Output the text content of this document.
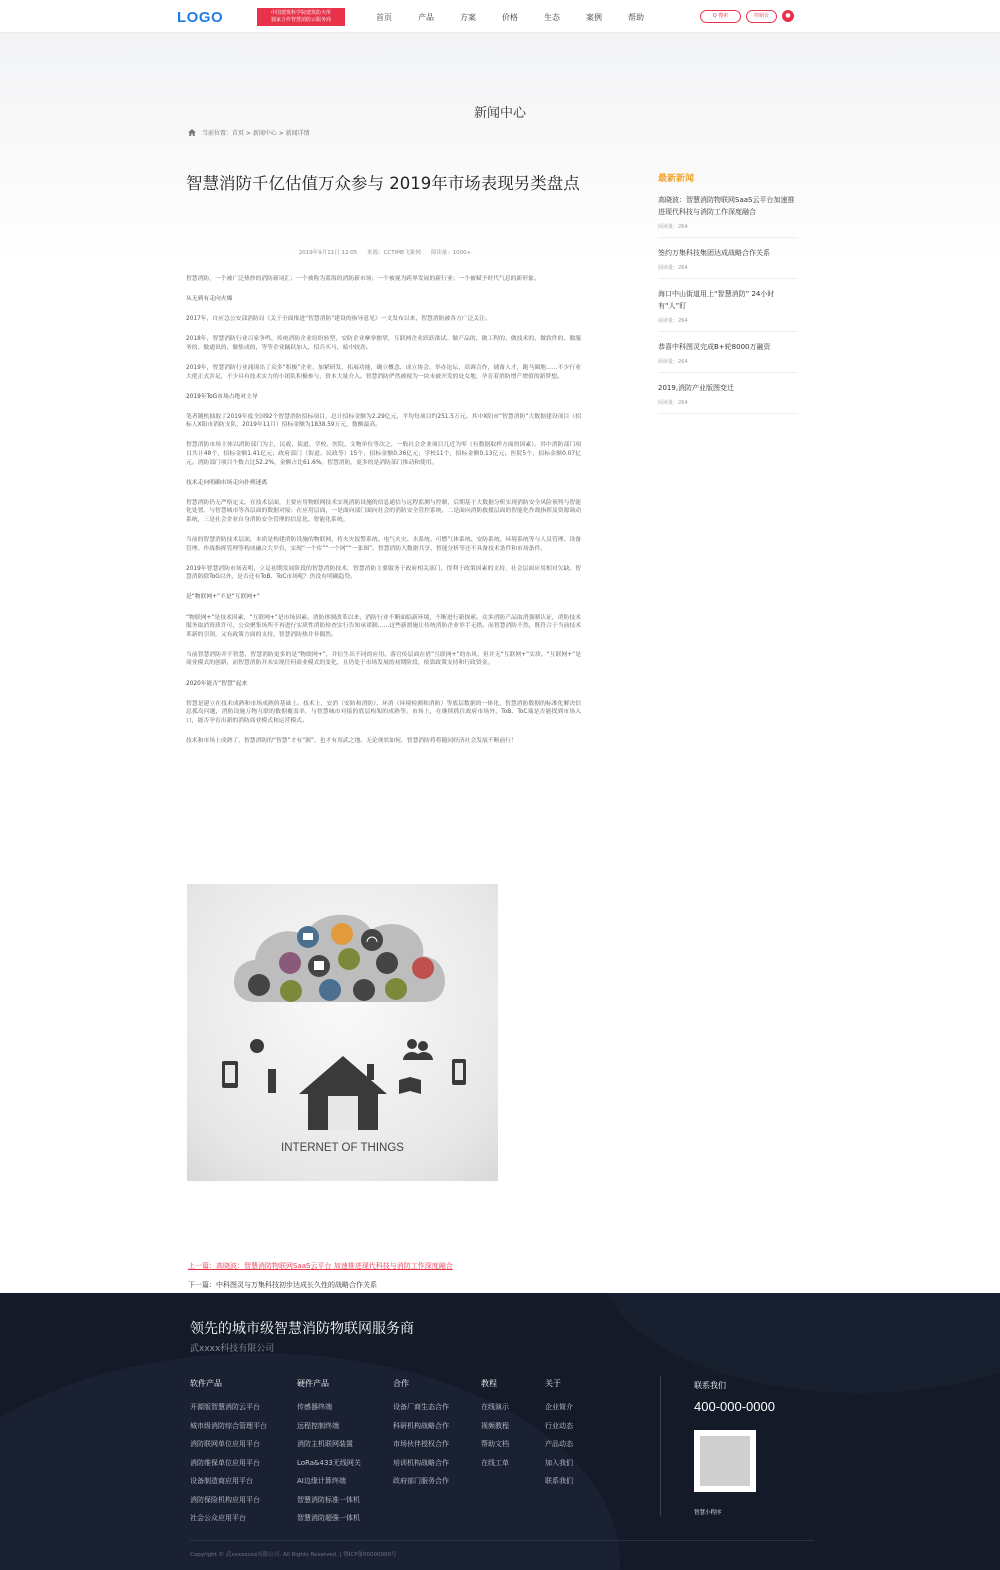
LOGO	中国建筑科学院建筑防火所
独家合作智慧消防云服务商	首页	产品	方案	价格	生态	案例	帮助	Q 搜索	控制台	●
新闻中心
当前位置：首页 > 新闻中心 > 新闻详情
智慧消防千亿估值万众参与 2019年市场表现另类盘点
2019年9月11日 12:05 来源：CCTIME飞象网 阅读量：1000+

智慧消防，一个被广泛热炒的消防新词汇；一个被称为蓝海的消防新市场；一个被视为跨界发展的新行业；一个被赋予时代气息的新形象。

从无到有走向火爆

2017年，自应急公安部消防局《关于全面推进“智慧消防”建设的指导意见》一文发布以来，智慧消防被各方广泛关注。

2018年，智慧消防行业百家争鸣，传统消防企业纷纷转型，安防企业摩拳擦掌，互联网企业跃跃欲试。做产品的、做工程的、做技术的、做软件的、做服务的、做通讯的、做集成的，等等企业踊跃加入，招兵买马，暗中较劲。

2019年，智慧消防行业涌现出了众多“积极”企业，加紧研发，拓展功能，确立概念，成立协会，举办论坛，高调合作，铺备人才，跑马圈地……不少行业大佬正式涉足，不少具有技术实力的小团队积极参与，资本大量介入。智慧消防俨然被视为一块未被开发的处女地，孕育着消防增产增值的新梦想。

2019年ToG市场占绝对主导

笔者随机抽取了2019年度全国92个智慧消防招标项目，总计招标金额为2.29亿元，平均每项目约251.5万元。其中X阳市“智慧消防”大数据建设项目（招标人X阳市消防支队，2019年11月）招标金额为1838.59万元，数额最高。

智慧消防市场主体以消防部门为主，民政、街道、学校、医院、文物单位等次之，一般社会企业项目几近为零（有数据取样方面的因素）。其中消防部门项目共计48个，招标金额1.41亿元；政府部门（街道、民政等）15个，招标金额0.36亿元；学校11个，招标金额0.13亿元；医院5个，招标金额0.07亿元。消防部门项目个数占比52.2%，金额占比61.6%。智慧消防，更多的是消防部门推动和使用。

技术走向明确市场走向扑朔迷离

智慧消防仍无严格定义。在技术层面，主要应用物联网技术实现消防设施的信息通信与远程监测与控制，后期基于大数据分析实现消防安全风险预判与智能化处置，与智慧城市等各层面的数据对接；在应用层面，一是面向部门面向社会的消防安全管控系统，二是面向消防救援层面的智能化作战指挥及资源调动系统，三是社会企业自身消防安全管理的信息化、智能化系统。

当前的智慧消防技术层面，本质是构建消防设施的物联网，将火灾报警系统、电气火灾、水系统、可燃气体系统、安防系统、环境系统等与人员管理、设备管理、作战指挥管理等构成融合大平台，实现“一个库”“一个网”“一张图”。智慧消防大数据共享、智能分析等还不具备技术条件和市场条件。

2019年智慧消防市场表明，立足初期发展阶段的智慧消防技术，智慧消防主要服务于政府相关部门，得利于政策因素的支持，社会层面应用相对欠缺。智慧消防除ToG以外，是否还有ToB、ToC市场呢？仍没有明确趋势。

是“物联网+”不是“互联网+”

“物联网+”是技术因素，“互联网+”是市场因素。消防体制改革以来，消防行业不断面临新环境，不断进行新探索。众多消防产品取消强制认证，消防技术服务取消资质许可，公众聚集场所不再进行实质性消防检查实行告知承诺制……这些新措施让传统消防企业举手无措。而智慧消防不然，既符合于当前技术革新的引领，又有政策方面的支持，智慧消防热并非偶然。

当前智慧消防并不智慧，智慧消防更多的是“物联网+”，并衍生出不同的应用。落官传层面在借“互联网+”的东风，但并无“互联网+”实质。“互联网+”是商业模式的创新，而智慧消防并未实现任何商业模式的变化，且仍处于市场发展的初期阶段，依靠政策支持和行政资金。

2020年能否“智慧”起来

智慧是建立在技术成熟和市场成熟的基础上。技术上，安消（安防和消防）、环消（环境检测和消防）等底层数据的一体化，智慧消防数据的标准化解决信息孤岛问题，消防设施万物互联的数据覆盖率，与智慧城市对接的底层构架的成熟等。市场上，在继续抓住政府市场外，ToB、ToC端是否能找到市场入口，能否孕育出新的消防商业模式和运营模式。

技术和市场上成熟了，智慧消防的“智慧”才有“源”，也才有用武之地。无论现状如何，智慧消防将将随同经济社会发展不断前行！

INTERNET OF THINGS
上一篇：高晓波：智慧消防物联网SaaS云平台 加速推进现代科技与消防工作深度融合
下一篇：中科图灵与万集科技初步达成长久性的战略合作关系
最新新闻
高晓波：智慧消防物联网SaaS云平台加速推进现代科技与消防工作深度融合
阅读量：264
签约万集科技集团达成战略合作关系
阅读量：264
海口中山街道用上“智慧消防” 24小时有“人”盯
阅读量：264
恭喜中科图灵完成B+轮8000万融资
阅读量：264
2019,消防产业版图变迁
阅读量：264
领先的城市级智慧消防物联网服务商
武xxxx科技有限公司
软件产品
开源版智慧消防云平台
城市级消防综合管理平台
消防联网单位应用平台
消防维保单位应用平台
设备制造商应用平台
消防保险机构应用平台
社会公众应用平台
硬件产品
传感器终端
远程控制终端
消防主机联网装置
LoRa&433无线网关
AI边缘计算终端
智慧消防标准一体机
智慧消防超强一体机
合作
设备厂商生态合作
科研机构战略合作
市场伙伴授权合作
培训机构战略合作
政府部门服务合作
教程
在线演示
视频教程
帮助文档
在线工单
关于
企业简介
行业动态
产品动态
加入我们
联系我们
联系我们
400-000-0000
智慧小程序
Copyright © 武xxxxxxxx有限公司. All Rights Reserved. | 鄂ICP备00000000号
